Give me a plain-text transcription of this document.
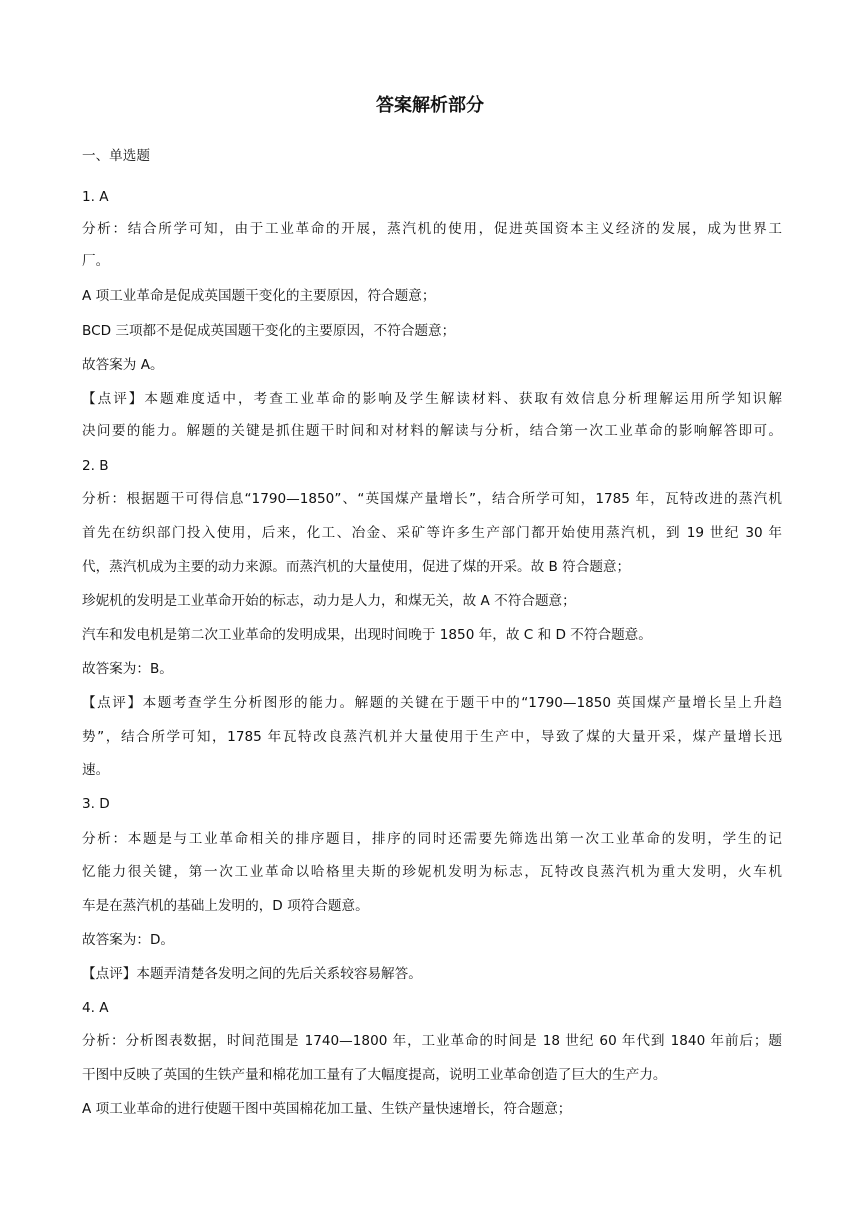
答案解析部分
一、单选题
1. A
分析：结合所学可知，由于工业革命的开展，蒸汽机的使用，促进英国资本主义经济的发展，成为世界工
厂。
A 项工业革命是促成英国题干变化的主要原因，符合题意；
BCD 三项都不是促成英国题干变化的主要原因，不符合题意；
故答案为 A。
【点评】本题难度适中，考查工业革命的影响及学生解读材料、获取有效信息分析理解运用所学知识解
决问要的能力。解题的关键是抓住题干时间和对材料的解读与分析，结合第一次工业革命的影响解答即可。
2. B
分析：根据题干可得信息“1790—1850”、“英国煤产量增长”，结合所学可知，1785 年，瓦特改进的蒸汽机
首先在纺织部门投入使用，后来，化工、冶金、采矿等许多生产部门都开始使用蒸汽机，到 19 世纪 30 年
代，蒸汽机成为主要的动力来源。而蒸汽机的大量使用，促进了煤的开采。故 B 符合题意；
珍妮机的发明是工业革命开始的标志，动力是人力，和煤无关，故 A 不符合题意；
汽车和发电机是第二次工业革命的发明成果，出现时间晚于 1850 年，故 C 和 D 不符合题意。
故答案为：B。
【点评】本题考查学生分析图形的能力。解题的关键在于题干中的“1790—1850 英国煤产量增长呈上升趋
势”，结合所学可知，1785 年瓦特改良蒸汽机并大量使用于生产中，导致了煤的大量开采，煤产量增长迅
速。
3. D
分析：本题是与工业革命相关的排序题目，排序的同时还需要先筛选出第一次工业革命的发明，学生的记
忆能力很关键，第一次工业革命以哈格里夫斯的珍妮机发明为标志，瓦特改良蒸汽机为重大发明，火车机
车是在蒸汽机的基础上发明的，D 项符合题意。
故答案为：D。
【点评】本题弄清楚各发明之间的先后关系较容易解答。
4. A
分析：分析图表数据，时间范围是 1740—1800 年，工业革命的时间是 18 世纪 60 年代到 1840 年前后；题
干图中反映了英国的生铁产量和棉花加工量有了大幅度提高，说明工业革命创造了巨大的生产力。
A 项工业革命的进行使题干图中英国棉花加工量、生铁产量快速增长，符合题意；
